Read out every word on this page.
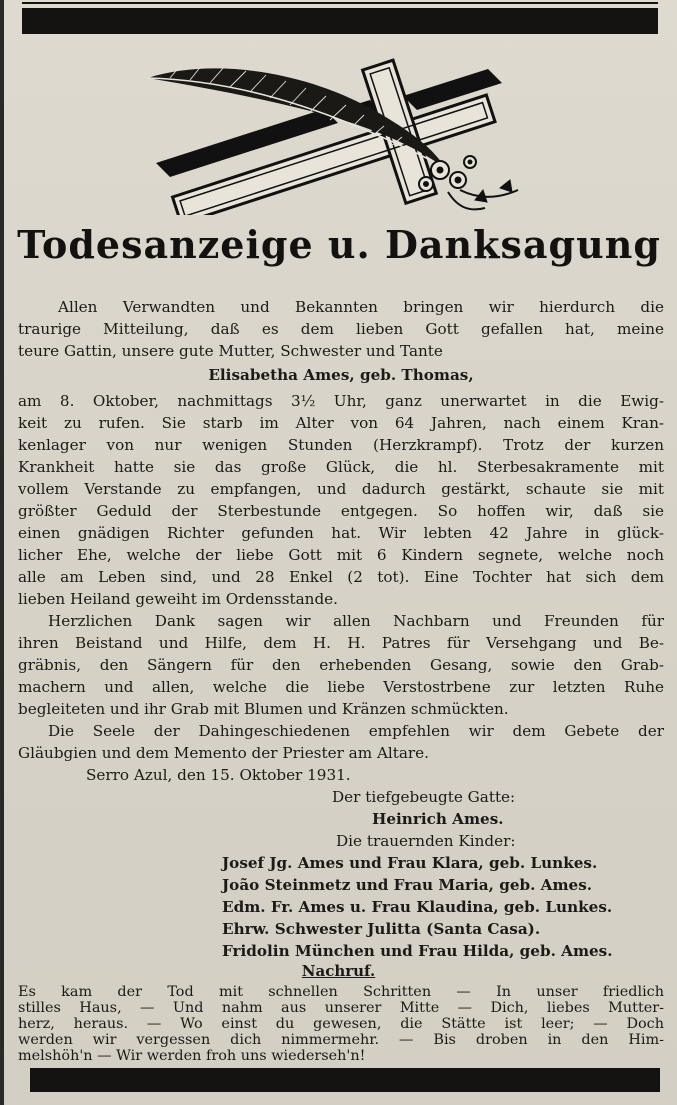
Todesanzeige u. Danksagung
Allen Verwandten und Bekannten bringen wir hierdurch die
traurige Mitteilung, daß es dem lieben Gott gefallen hat, meine
teure Gattin, unsere gute Mutter, Schwester und Tante
Elisabetha Ames, geb. Thomas,
am 8. Oktober, nachmittags 3½ Uhr, ganz unerwartet in die Ewig-
keit zu rufen. Sie starb im Alter von 64 Jahren, nach einem Kran-
kenlager von nur wenigen Stunden (Herzkrampf). Trotz der kurzen
Krankheit hatte sie das große Glück, die hl. Sterbesakramente mit
vollem Verstande zu empfangen, und dadurch gestärkt, schaute sie mit
größter Geduld der Sterbestunde entgegen. So hoffen wir, daß sie
einen gnädigen Richter gefunden hat. Wir lebten 42 Jahre in glück-
licher Ehe, welche der liebe Gott mit 6 Kindern segnete, welche noch
alle am Leben sind, und 28 Enkel (2 tot). Eine Tochter hat sich dem
lieben Heiland geweiht im Ordensstande.
Herzlichen Dank sagen wir allen Nachbarn und Freunden für
ihren Beistand und Hilfe, dem H. H. Patres für Versehgang und Be-
gräbnis, den Sängern für den erhebenden Gesang, sowie den Grab-
machern und allen, welche die liebe Verstostrbene zur letzten Ruhe
begleiteten und ihr Grab mit Blumen und Kränzen schmückten.
Die Seele der Dahingeschiedenen empfehlen wir dem Gebete der
Gläubgien und dem Memento der Priester am Altare.
Serro Azul, den 15. Oktober 1931.
Der tiefgebeugte Gatte:
Heinrich Ames.
Die trauernden Kinder:
Josef Jg. Ames und Frau Klara, geb. Lunkes.
João Steinmetz und Frau Maria, geb. Ames.
Edm. Fr. Ames u. Frau Klaudina, geb. Lunkes.
Ehrw. Schwester Julitta (Santa Casa).
Fridolin München und Frau Hilda, geb. Ames.
Nachruf.
Es kam der Tod mit schnellen Schritten — In unser friedlich
stilles Haus, — Und nahm aus unserer Mitte — Dich, liebes Mutter-
herz, heraus. — Wo einst du gewesen, die Stätte ist leer; — Doch
werden wir vergessen dich nimmermehr. — Bis droben in den Him-
melshöh'n — Wir werden froh uns wiederseh'n!
